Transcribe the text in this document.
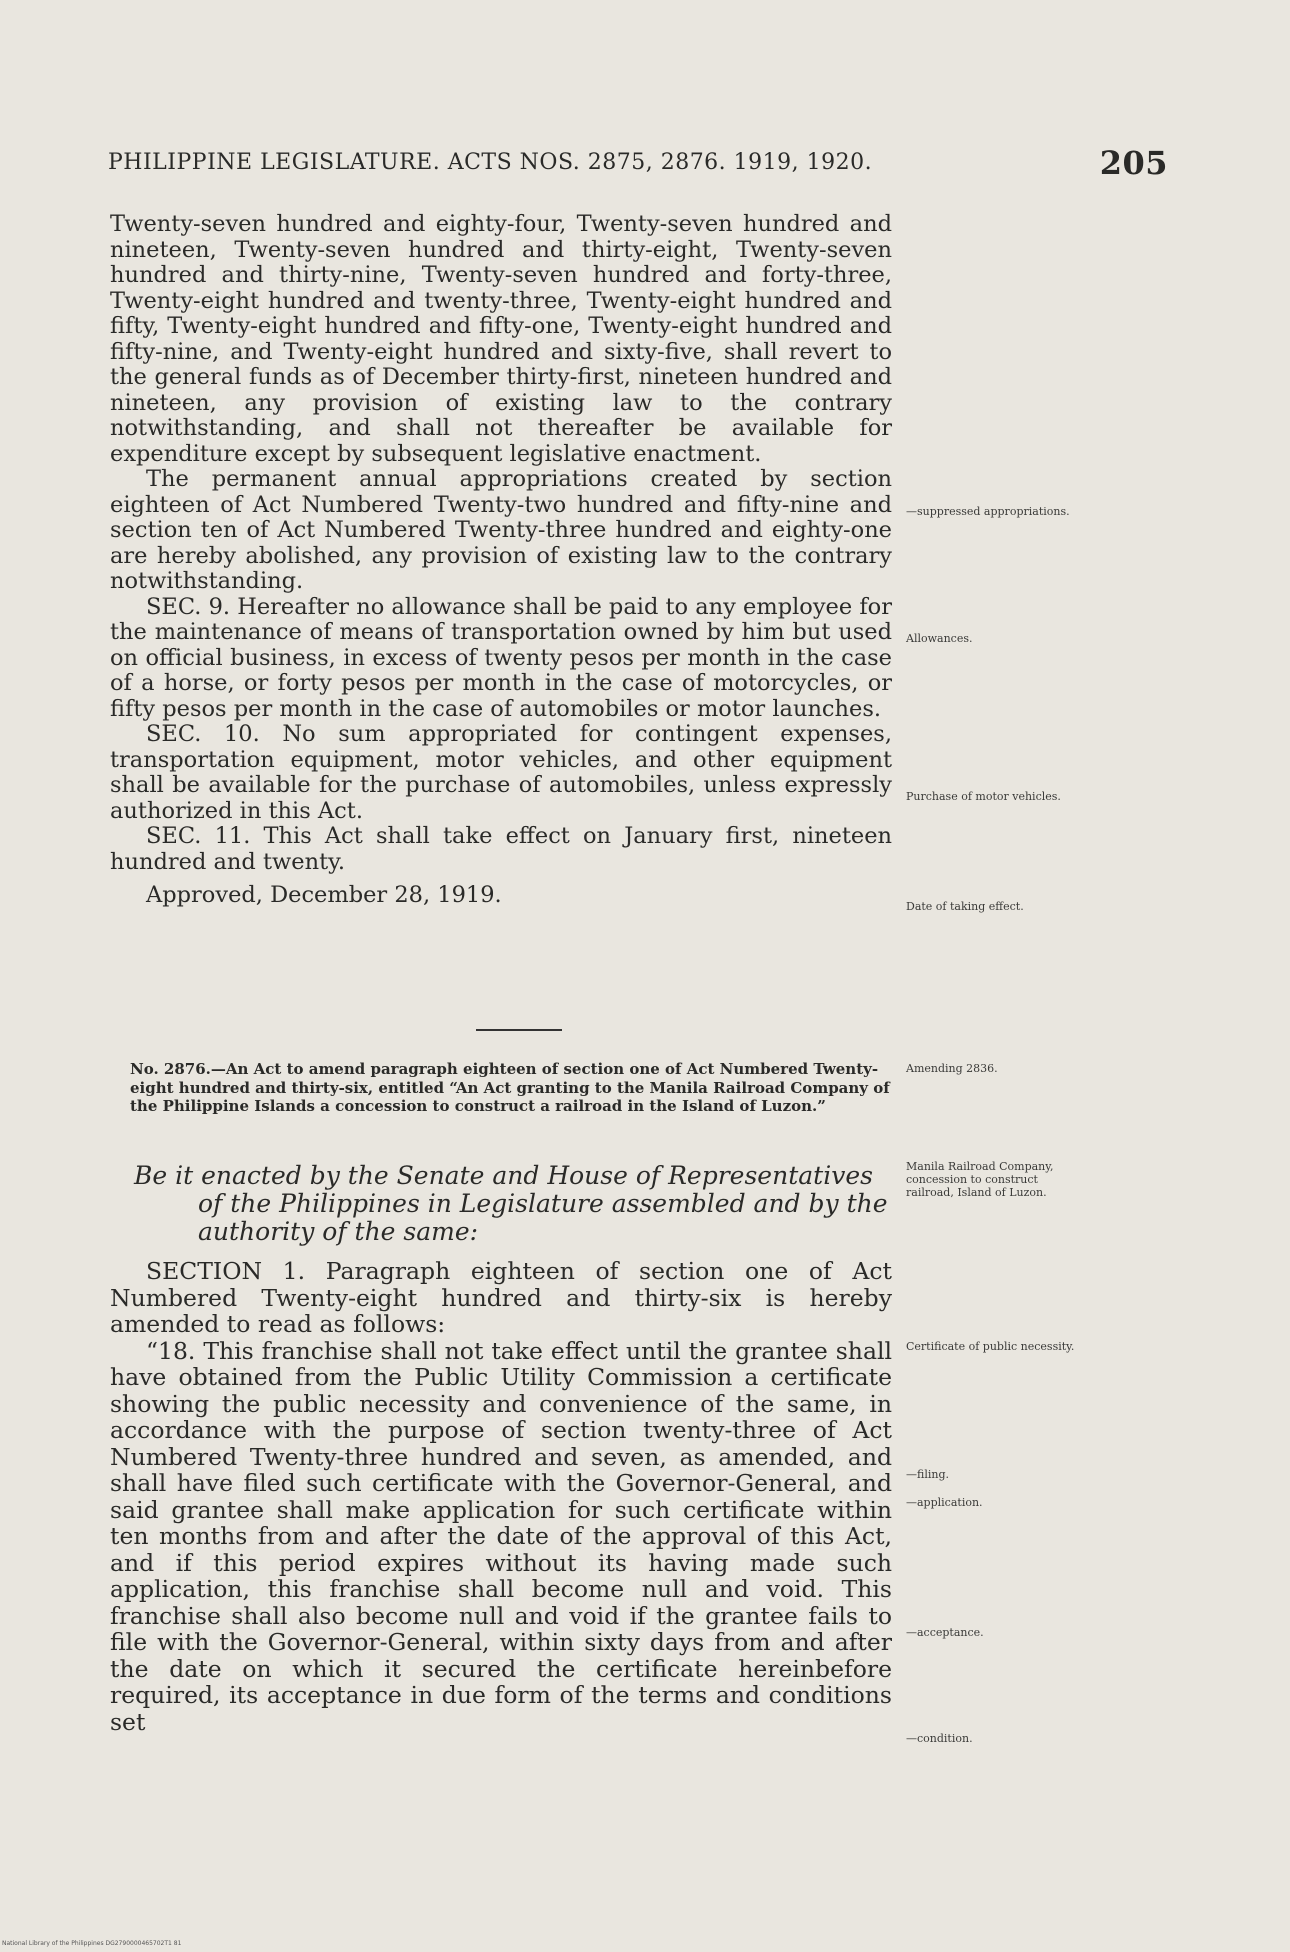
PHILIPPINE LEGISLATURE. ACTS NOS. 2875, 2876. 1919, 1920.	205

Twenty-seven hundred and eighty-four, Twenty-seven hundred and nineteen, Twenty-seven hundred and thirty-eight, Twenty-seven hundred and thirty-nine, Twenty-seven hundred and forty-three, Twenty-eight hundred and twenty-three, Twenty-eight hundred and fifty, Twenty-eight hundred and fifty-one, Twenty-eight hundred and fifty-nine, and Twenty-eight hundred and sixty-five, shall revert to the general funds as of December thirty-first, nineteen hundred and nineteen, any provision of existing law to the contrary notwithstanding, and shall not thereafter be available for expenditure except by subsequent legislative enactment.

The permanent annual appropriations created by section eighteen of Act Numbered Twenty-two hundred and fifty-nine and section ten of Act Numbered Twenty-three hundred and eighty-one are hereby abolished, any provision of existing law to the contrary notwithstanding.

SEC. 9. Hereafter no allowance shall be paid to any employee for the maintenance of means of transportation owned by him but used on official business, in excess of twenty pesos per month in the case of a horse, or forty pesos per month in the case of motorcycles, or fifty pesos per month in the case of automobiles or motor launches.

SEC. 10. No sum appropriated for contingent expenses, transportation equipment, motor vehicles, and other equipment shall be available for the purchase of automobiles, unless expressly authorized in this Act.

SEC. 11. This Act shall take effect on January first, nineteen hundred and twenty.

Approved, December 28, 1919.

—suppressed appropriations.
Allowances.
Purchase of motor vehicles.
Date of taking effect.
No. 2876.—An Act to amend paragraph eighteen of section one of Act Numbered Twenty-eight hundred and thirty-six, entitled “An Act granting to the Manila Railroad Company of the Philippine Islands a concession to construct a railroad in the Island of Luzon.”
Amending 2836.
Be it enacted by the Senate and House of Representatives
of the Philippines in Legislature assembled and by the authority of the same:
Manila Railroad Company, concession to construct railroad, Island of Luzon.

SECTION 1. Paragraph eighteen of section one of Act Numbered Twenty-eight hundred and thirty-six is hereby amended to read as follows:

“18. This franchise shall not take effect until the grantee shall have obtained from the Public Utility Commission a certificate showing the public necessity and convenience of the same, in accordance with the purpose of section twenty-three of Act Numbered Twenty-three hundred and seven, as amended, and shall have filed such certificate with the Governor-General, and said grantee shall make application for such certificate within ten months from and after the date of the approval of this Act, and if this period expires without its having made such application, this franchise shall become null and void. This franchise shall also become null and void if the grantee fails to file with the Governor-General, within sixty days from and after the date on which it secured the certificate hereinbefore required, its acceptance in due form of the terms and conditions set

Certificate of public necessity.
—filing.
—application.
—acceptance.
—condition.
National Library of the Philippines DG2790000465702T1 81
